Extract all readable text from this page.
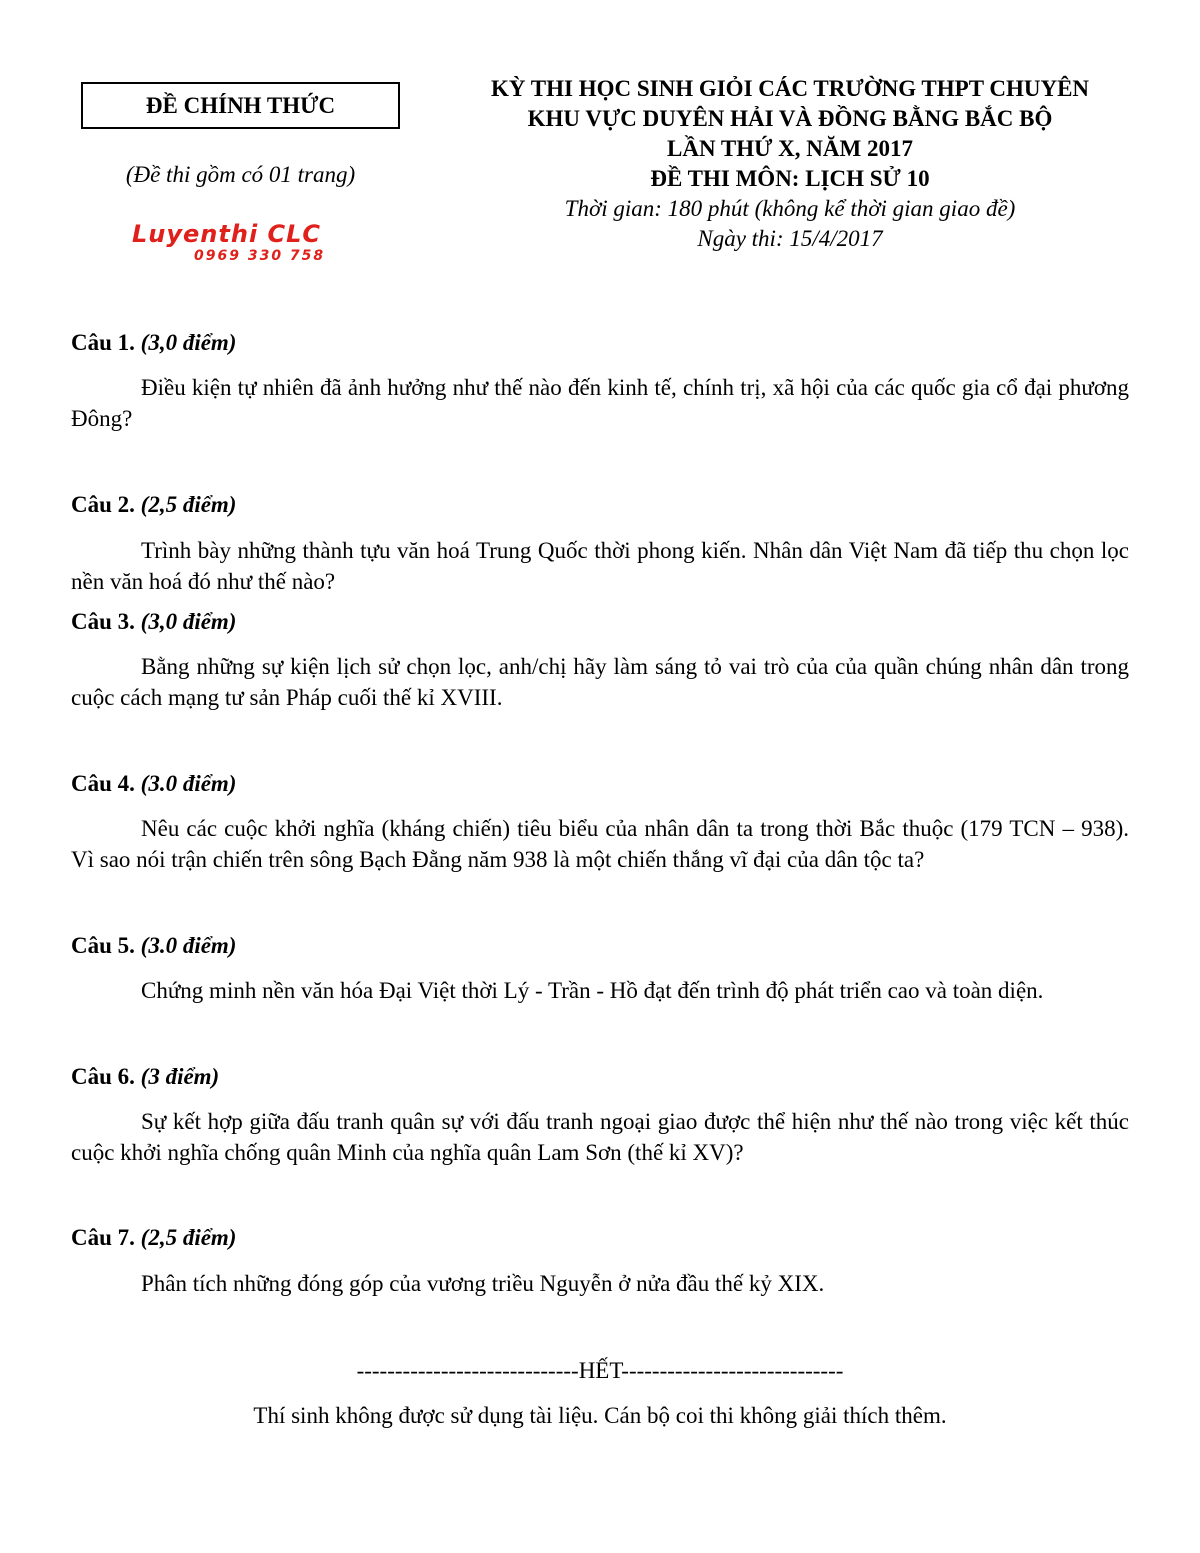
ĐỀ CHÍNH THỨC
(Đề thi gồm có 01 trang)
Luyenthi CLC
0969 330 758
KỲ THI HỌC SINH GIỎI CÁC TRƯỜNG THPT CHUYÊN
KHU VỰC DUYÊN HẢI VÀ ĐỒNG BẰNG BẮC BỘ
LẦN THỨ X, NĂM 2017
ĐỀ THI MÔN: LỊCH SỬ 10
Thời gian: 180 phút (không kể thời gian giao đề)
Ngày thi: 15/4/2017
Câu 1. (3,0 điểm)
Điều kiện tự nhiên đã ảnh hưởng như thế nào đến kinh tế, chính trị, xã hội của các quốc gia cổ đại phương Đông?
Câu 2. (2,5 điểm)
Trình bày những thành tựu văn hoá Trung Quốc thời phong kiến. Nhân dân Việt Nam đã tiếp thu chọn lọc nền văn hoá đó như thế nào?
Câu 3. (3,0 điểm)
Bằng những sự kiện lịch sử chọn lọc, anh/chị hãy làm sáng tỏ vai trò của của quần chúng nhân dân trong cuộc cách mạng tư sản Pháp cuối thế kỉ XVIII.
Câu 4. (3.0 điểm)
Nêu các cuộc khởi nghĩa (kháng chiến) tiêu biểu của nhân dân ta trong thời Bắc thuộc (179 TCN – 938). Vì sao nói trận chiến trên sông Bạch Đằng năm 938 là một chiến thắng vĩ đại của dân tộc ta?
Câu 5. (3.0 điểm)
Chứng minh nền văn hóa Đại Việt thời Lý - Trần - Hồ đạt đến trình độ phát triển cao và toàn diện.
Câu 6. (3 điểm)
Sự kết hợp giữa đấu tranh quân sự với đấu tranh ngoại giao được thể hiện như thế nào trong việc kết thúc cuộc khởi nghĩa chống quân Minh của nghĩa quân Lam Sơn (thế kỉ XV)?
Câu 7. (2,5 điểm)
Phân tích những đóng góp của vương triều Nguyễn ở nửa đầu thế kỷ XIX.
-----------------------------HẾT-----------------------------
Thí sinh không được sử dụng tài liệu. Cán bộ coi thi không giải thích thêm.
